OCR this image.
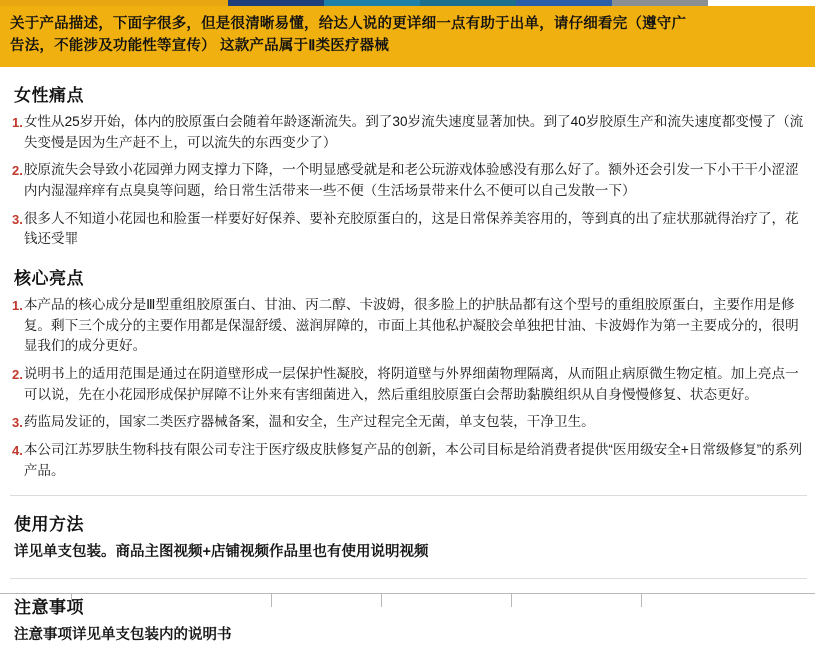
关于产品描述，下面字很多，但是很清晰易懂，给达人说的更详细一点有助于出单，请仔细看完（遵守广
告法，不能涉及功能性等宣传） 这款产品属于Ⅱ类医疗器械
女性痛点
1. 女性从25岁开始，体内的胶原蛋白会随着年龄逐渐流失。到了30岁流失速度显著加快。到了40岁胶原生产和流失速度都变慢了（流失变慢是因为生产赶不上，可以流失的东西变少了）
2. 胶原流失会导致小花园弹力网支撑力下降，一个明显感受就是和老公玩游戏体验感没有那么好了。额外还会引发一下小干干小涩涩内内湿湿痒痒有点臭臭等问题，给日常生活带来一些不便（生活场景带来什么不便可以自己发散一下）
3. 很多人不知道小花园也和脸蛋一样要好好保养、要补充胶原蛋白的，这是日常保养美容用的，等到真的出了症状那就得治疗了，花钱还受罪
核心亮点
1. 本产品的核心成分是Ⅲ型重组胶原蛋白、甘油、丙二醇、卡波姆，很多脸上的护肤品都有这个型号的重组胶原蛋白，主要作用是修复。剩下三个成分的主要作用都是保湿舒缓、滋润屏障的，市面上其他私护凝胶会单独把甘油、卡波姆作为第一主要成分的，很明显我们的成分更好。
2. 说明书上的适用范围是通过在阴道壁形成一层保护性凝胶，将阴道壁与外界细菌物理隔离，从而阻止病原微生物定植。加上亮点一可以说，先在小花园形成保护屏障不让外来有害细菌进入，然后重组胶原蛋白会帮助黏膜组织从自身慢慢修复、状态更好。
3. 药监局发证的，国家二类医疗器械备案，温和安全，生产过程完全无菌，单支包装，干净卫生。
4. 本公司江苏罗肤生物科技有限公司专注于医疗级皮肤修复产品的创新，本公司目标是给消费者提供“医用级安全+日常级修复”的系列产品。
使用方法
详见单支包装。商品主图视频+店铺视频作品里也有使用说明视频
注意事项
注意事项详见单支包装内的说明书
